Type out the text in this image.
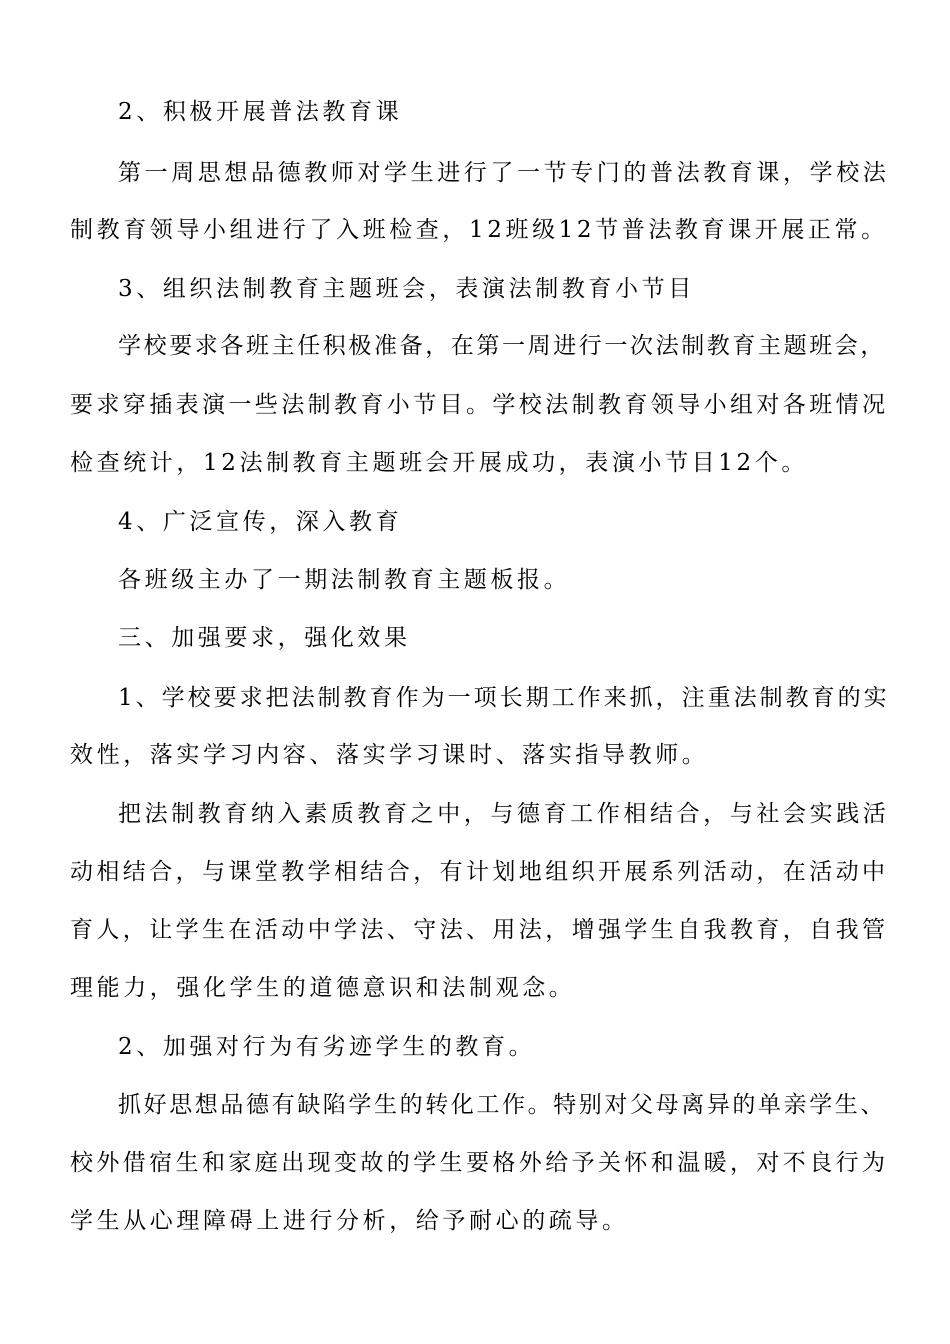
2、积极开展普法教育课
第一周思想品德教师对学生进行了一节专门的普法教育课，学校法
制教育领导小组进行了入班检查，12班级12节普法教育课开展正常。
3、组织法制教育主题班会，表演法制教育小节目
学校要求各班主任积极准备，在第一周进行一次法制教育主题班会，
要求穿插表演一些法制教育小节目。学校法制教育领导小组对各班情况
检查统计，12法制教育主题班会开展成功，表演小节目12个。
4、广泛宣传，深入教育
各班级主办了一期法制教育主题板报。
三、加强要求，强化效果
1、学校要求把法制教育作为一项长期工作来抓，注重法制教育的实
效性，落实学习内容、落实学习课时、落实指导教师。
把法制教育纳入素质教育之中，与德育工作相结合，与社会实践活
动相结合，与课堂教学相结合，有计划地组织开展系列活动，在活动中
育人，让学生在活动中学法、守法、用法，增强学生自我教育，自我管
理能力，强化学生的道德意识和法制观念。
2、加强对行为有劣迹学生的教育。
抓好思想品德有缺陷学生的转化工作。特别对父母离异的单亲学生、
校外借宿生和家庭出现变故的学生要格外给予关怀和温暖，对不良行为
学生从心理障碍上进行分析，给予耐心的疏导。
